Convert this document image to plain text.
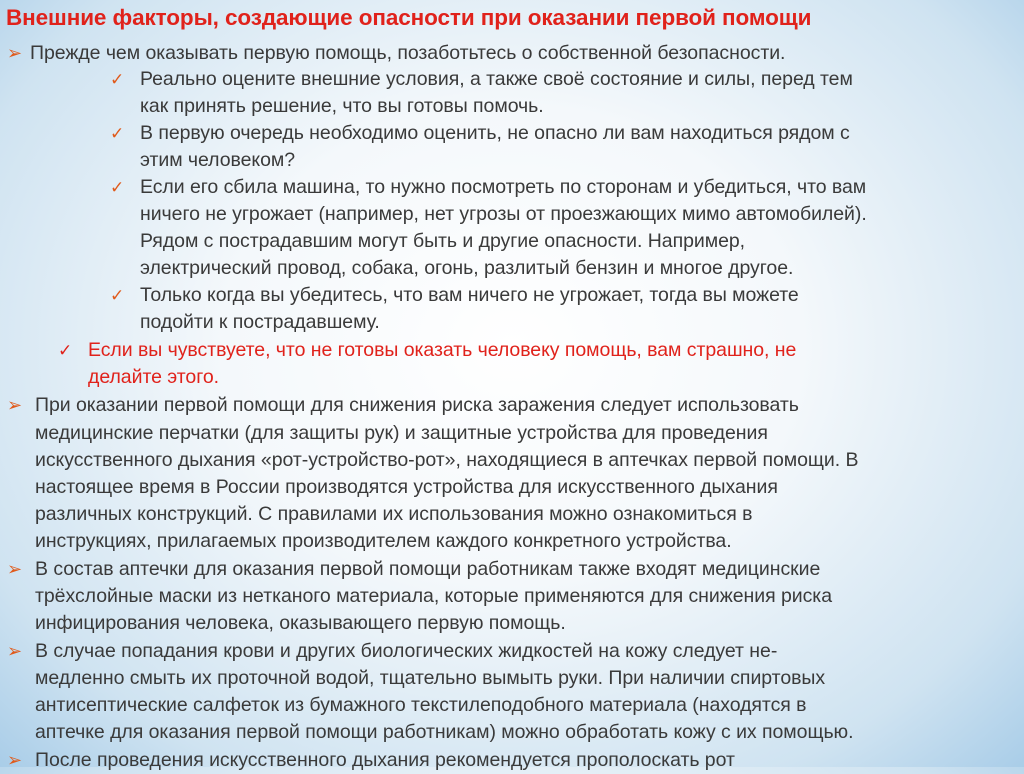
Внешние факторы, создающие опасности при оказании первой помощи
➢ Прежде чем оказывать первую помощь, позаботьтесь о собственной безопасности.
✓ Реально оцените внешние условия, а также своё состояние и силы, перед тем
как принять решение, что вы готовы помочь.
✓ В первую очередь необходимо оценить, не опасно ли вам находиться рядом с
этим человеком?
✓ Если его сбила машина, то нужно посмотреть по сторонам и убедиться, что вам
ничего не угрожает (например, нет угрозы от проезжающих мимо автомобилей).
Рядом с пострадавшим могут быть и другие опасности. Например,
электрический провод, собака, огонь, разлитый бензин и многое другое.
✓ Только когда вы убедитесь, что вам ничего не угрожает, тогда вы можете
подойти к пострадавшему.
✓ Если вы чувствуете, что не готовы оказать человеку помощь, вам страшно, не
делайте этого.
➢ При оказании первой помощи для снижения риска заражения следует использовать
медицинские перчатки (для защиты рук) и защитные устройства для проведения
искусственного дыхания «рот-устройство-рот», находящиеся в аптечках первой помощи. В
настоящее время в России производятся устройства для искусственного дыхания
различных конструкций. С правилами их использования можно ознакомиться в
инструкциях, прилагаемых производителем каждого конкретного устройства.
➢ В состав аптечки для оказания первой помощи работникам также входят медицинские
трёхслойные маски из нетканого материала, которые применяются для снижения риска
инфицирования человека, оказывающего первую помощь.
➢ В случае попадания крови и других биологических жидкостей на кожу следует не-
медленно смыть их проточной водой, тщательно вымыть руки. При наличии спиртовых
антисептические салфеток из бумажного текстилеподобного материала (находятся в
аптечке для оказания первой помощи работникам) можно обработать кожу с их помощью.
➢ После проведения искусственного дыхания рекомендуется прополоскать рот
